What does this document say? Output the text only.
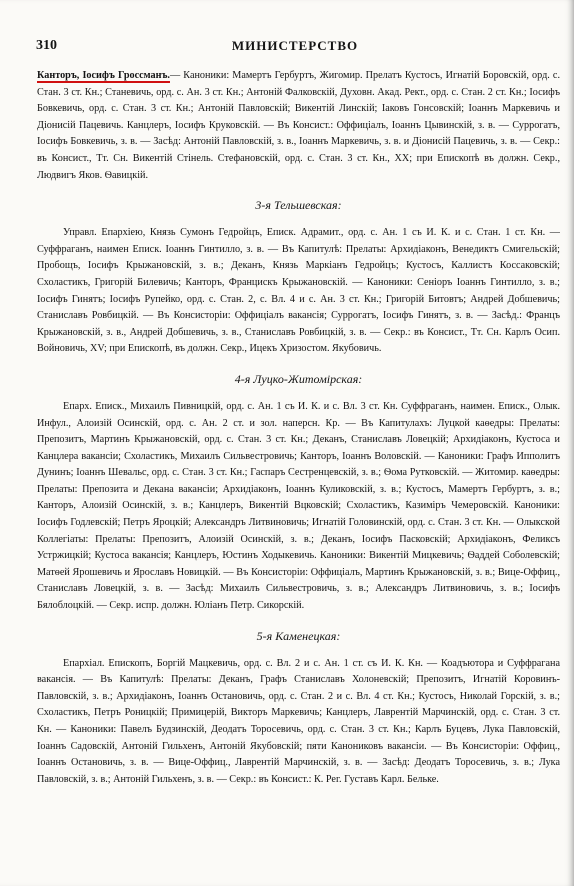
310	МИНИСТЕРСТВО

Канторъ, Іосифъ Гроссманъ.— Каноники: Мамертъ Гербуртъ, Жигомир. Прелатъ Кустосъ, Игнатій Боровскій, орд. с. Стан. 3 ст. Кн.; Станевичь, орд. с. Ан. 3 ст. Кн.; Антоній Фалковскій, Духовн. Акад. Рект., орд. с. Стан. 2 ст. Кн.; Іосифъ Бовкевичь, орд. с. Стан. 3 ст. Кн.; Антоній Павловскій; Викентій Линскій; Іаковъ Гонсовскій; Іоаннъ Маркевичь и Діонисій Пацевичь. Канцлеръ, Іосифъ Круковскій. — Въ Консист.: Оффиціалъ, Іоаннъ Цывинскій, з. в. — Суррогатъ, Іосифъ Бовкевичь, з. в. — Засѣд: Антоній Павловскій, з. в., Іоаннъ Маркевичь, з. в. и Діонисій Пацевичь, з. в. — Секр.: въ Консист., Тт. Сн. Викентій Стінель. Стефановскій, орд. с. Стан. 3 ст. Кн., XX; при Епископѣ въ должн. Секр., Людвигъ Яков. Ѳавицкій.

3-я Тельшевская:

Управл. Епархіею, Князь Сумонъ Гедройцъ, Епиcк. Адрамит., орд. с. Ан. 1 съ И. К. и с. Стан. 1 ст. Кн. — Суффраганъ, наимен Епиcк. Іоаннъ Гинтилло, з. в. — Въ Капитулѣ: Прелаты: Архидіаконъ, Венедиктъ Смигельскій; Пробощъ, Іосифъ Крыжановскій, з. в.; Деканъ, Князь Маркіанъ Гедройцъ; Кустосъ, Каллистъ Коссаковскій; Схоластикъ, Григорій Билевичь; Канторъ, Францискъ Крыжановскій. — Каноники: Сеніоръ Іоаннъ Гинтилло, з. в.; Іосифъ Гинятъ; Іосифъ Рупейко, орд. с. Стан. 2, с. Вл. 4 и с. Ан. 3 ст. Кн.; Григорій Битовтъ; Андрей Добшевичь; Станиславъ Ровбицкій. — Въ Консисторіи: Оффиціалъ вакансія; Суррогатъ, Іосифъ Гинятъ, з. в. — Засѣд.: Францъ Крыжановскій, з. в., Андрей Добшевичь, з. в., Станиславъ Ровбицкій, з. в. — Секр.: въ Консист., Тт. Сн. Карлъ Осип. Войновичь, XV; при Епископѣ, въ должн. Секр., Ицекъ Хризостом. Якубовичь.

4-я Луцко-Житомірская:

Епарх. Епиcк., Михаилъ Пивницкій, орд. с. Ан. 1 съ И. К. и с. Вл. 3 ст. Кн. Суффраганъ, наимен. Епиcк., Олык. Инфул., Алоизій Осинскій, орд. с. Ан. 2 ст. и зол. наперсн. Кр. — Въ Капитулахъ: Луцкой каѳедры: Прелаты: Препозитъ, Мартинъ Крыжановскій, орд. с. Стан. 3 ст. Кн.; Деканъ, Станиславъ Ловецкій; Архидіаконъ, Кустоса и Канцлера вакансіи; Схоластикъ, Михаилъ Сильвестровичь; Канторъ, Іоаннъ Воловскій. — Каноники: Графъ Ипполитъ Дунинъ; Іоаннъ Шевальс, орд. с. Стан. 3 ст. Кн.; Гаспаръ Сестренцевскій, з. в.; Ѳома Рутковскій. — Житомир. каѳедры: Прелаты: Препозита и Декана вакансіи; Архидіаконъ, Іоаннъ Куликовскій, з. в.; Кустосъ, Мамертъ Гербуртъ, з. в.; Канторъ, Алоизій Осинскій, з. в.; Канцлеръ, Викентій Вцковскій; Схоластикъ, Казиміръ Чемеровскій. Каноники: Іосифъ Годлевскій; Петръ Яроцкій; Александръ Литвиновичь; Игнатій Головинскій, орд. с. Стан. 3 ст. Кн. — Олыкской Коллегіаты: Прелаты: Препозитъ, Алоизій Осинскій, з. в.; Деканъ, Іосифъ Пасковскій; Архидіаконъ, Феликсъ Устржицкій; Кустоса вакансія; Канцлеръ, Юстинъ Ходыкевичь. Каноники: Викентій Мицкевичь; Ѳаддей Соболевскій; Матѳей Ярошевичь и Ярославъ Новицкій. — Въ Консисторіи: Оффиціалъ, Мартинъ Крыжановскій, з. в.; Вице-Оффиц., Станиславъ Ловецкій, з. в. — Засѣд: Михаилъ Сильвестровичь, з. в.; Александръ Литвиновичь, з. в.; Іосифъ Бялоблоцкій. — Секр. испр. должн. Юліанъ Петр. Сикорскій.

5-я Каменецкая:

Епархіал. Епископъ, Боргій Мацкевичь, орд. с. Вл. 2 и с. Ан. 1 ст. съ И. К. Кн. — Коадъютора и Суффрагана вакансія. — Въ Капитулѣ: Прелаты: Деканъ, Графъ Станиславъ Холоневскій; Препозитъ, Игнатій Коровинъ-Павловскій, з. в.; Архидіаконъ, Іоаннъ Остановичь, орд. с. Стан. 2 и с. Вл. 4 ст. Кн.; Кустосъ, Николай Горскій, з. в.; Схоластикъ, Петръ Роницкій; Примицерій, Викторъ Маркевичь; Канцлеръ, Лаврентій Марчинскій, орд. с. Стан. 3 ст. Кн. — Каноники: Павелъ Будзинскій, Деодатъ Торосевичь, орд. с. Стан. 3 ст. Кн.; Карлъ Буцевъ, Лука Павловскій, Іоаннъ Садовскій, Антоній Гильхенъ, Антоній Якубовскій; пяти Канониковъ вакансіи. — Въ Консисторіи: Оффиц., Іоаннъ Остановичь, з. в. — Вице-Оффиц., Лаврентій Марчинскій, з. в. — Засѣд: Деодатъ Торосевичь, з. в.; Лука Павловскій, з. в.; Антоній Гильхенъ, з. в. — Секр.: въ Консист.: К. Рег. Густавъ Карл. Бельке.
